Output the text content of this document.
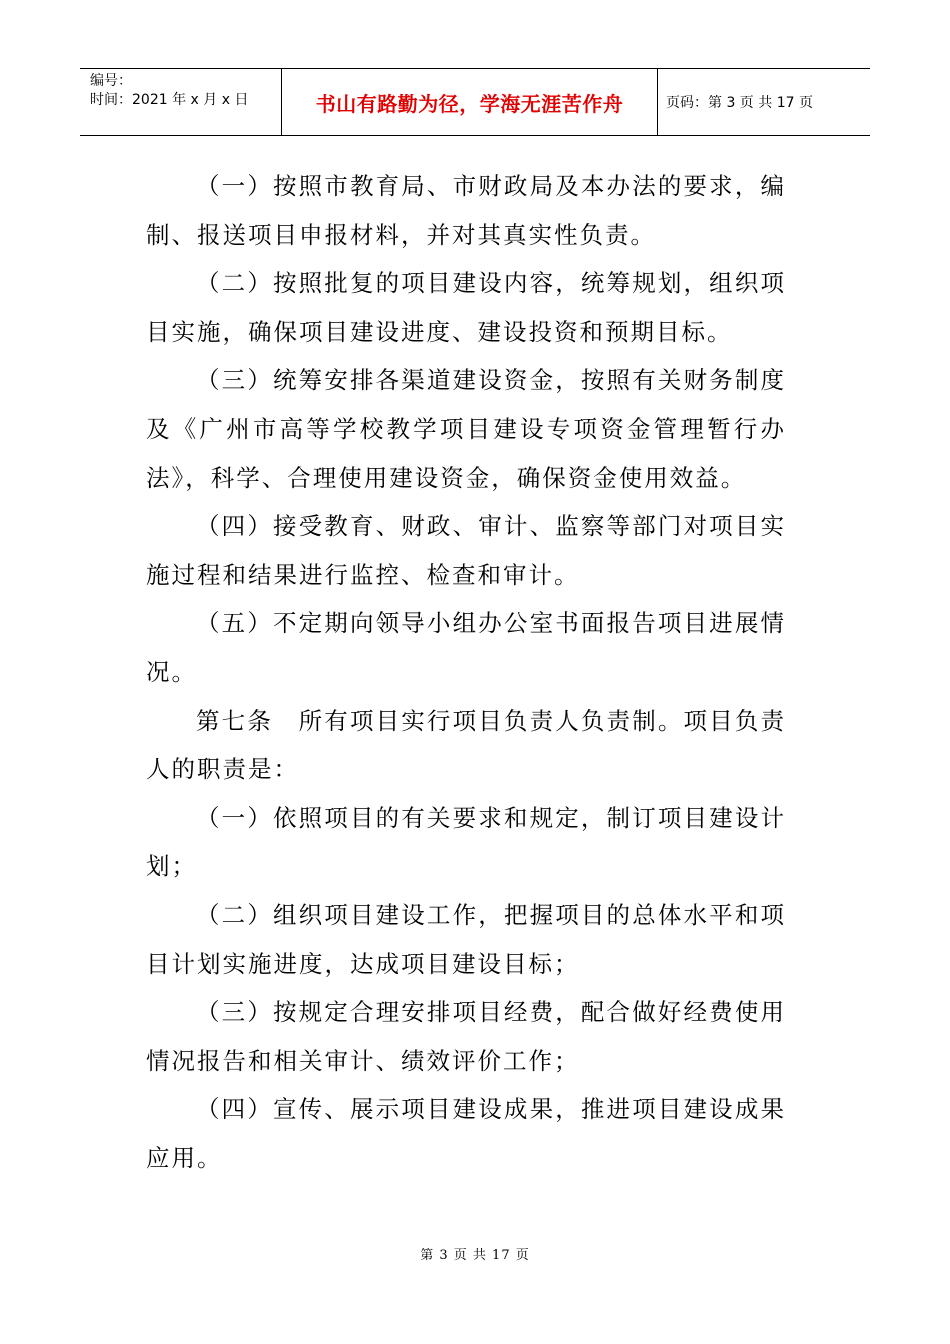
编号：
时间：2021 年 x 月 x 日	书山有路勤为径，学海无涯苦作舟	页码：第 3 页 共 17 页

（一）按照市教育局、市财政局及本办法的要求，编制、报送项目申报材料，并对其真实性负责。

（二）按照批复的项目建设内容，统筹规划，组织项目实施，确保项目建设进度、建设投资和预期目标。

（三）统筹安排各渠道建设资金，按照有关财务制度及《广州市高等学校教学项目建设专项资金管理暂行办法》，科学、合理使用建设资金，确保资金使用效益。

（四）接受教育、财政、审计、监察等部门对项目实施过程和结果进行监控、检查和审计。

（五）不定期向领导小组办公室书面报告项目进展情况。

第七条　所有项目实行项目负责人负责制。项目负责人的职责是：

（一）依照项目的有关要求和规定，制订项目建设计划；

（二）组织项目建设工作，把握项目的总体水平和项目计划实施进度，达成项目建设目标；

（三）按规定合理安排项目经费，配合做好经费使用情况报告和相关审计、绩效评价工作；

（四）宣传、展示项目建设成果，推进项目建设成果应用。

第 3 页 共 17 页
